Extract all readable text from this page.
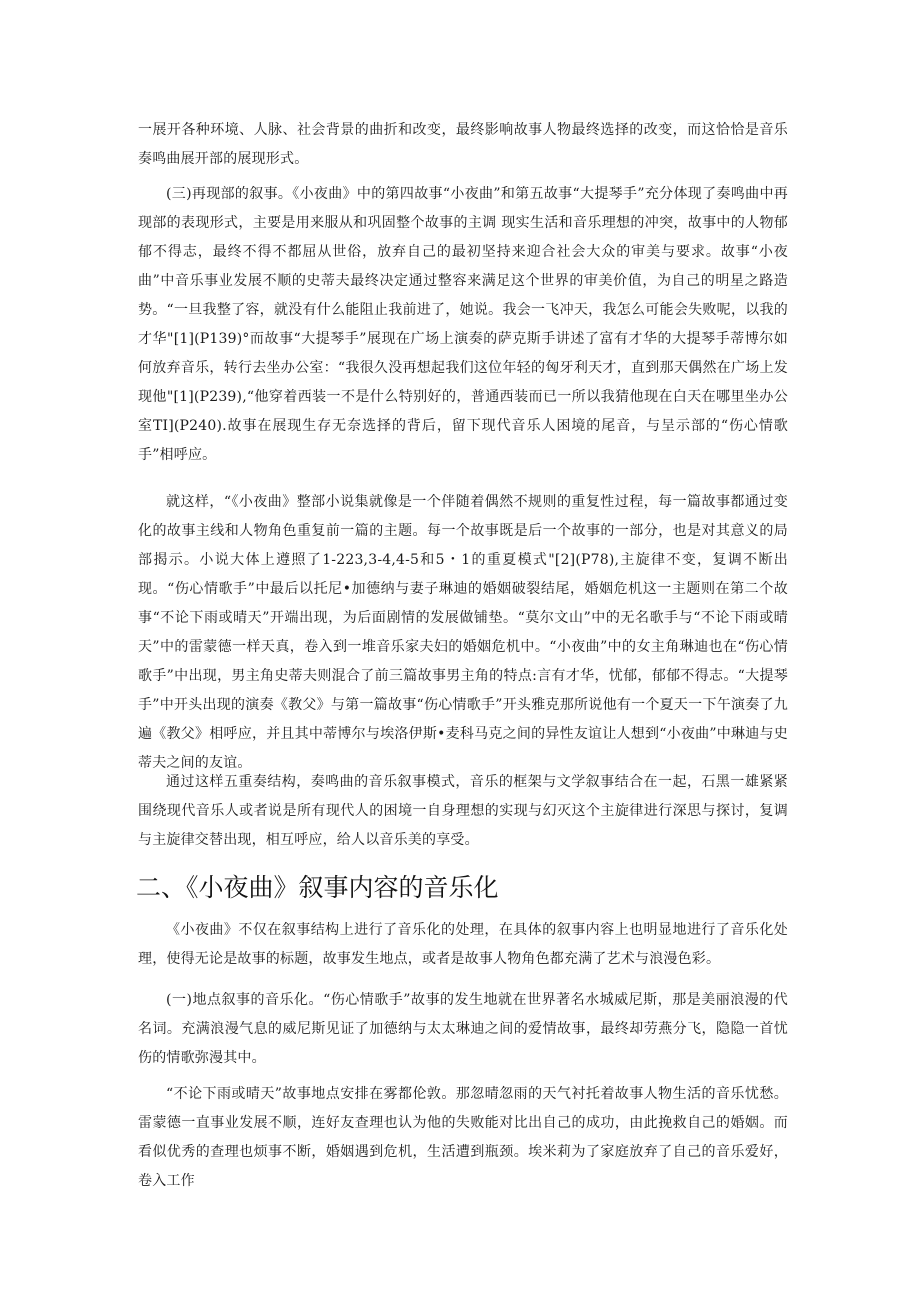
一展开各种环境、人脉、社会背景的曲折和改变，最终影响故事人物最终选择的改变，而这恰恰是音乐奏鸣曲展开部的展现形式。

(三)再现部的叙事。《小夜曲》中的第四故事“小夜曲”和第五故事“大提琴手”充分体现了奏鸣曲中再现部的表现形式，主要是用来服从和巩固整个故事的主调 现实生活和音乐理想的冲突，故事中的人物郁郁不得志，最终不得不都屈从世俗，放弃自己的最初坚持来迎合社会大众的审美与要求。故事“小夜曲”中音乐事业发展不顺的史蒂夫最终决定通过整容来满足这个世界的审美价值，为自己的明星之路造势。“一旦我整了容，就没有什么能阻止我前进了，她说。我会一飞冲天，我怎么可能会失败呢，以我的才华"[1](P139)°而故事“大提琴手”展现在广场上演奏的萨克斯手讲述了富有才华的大提琴手蒂博尔如何放弃音乐，转行去坐办公室：“我很久没再想起我们这位年轻的匈牙利天才，直到那天偶然在广场上发现他"[1](P239),“他穿着西装一不是什么特别好的，普通西装而已一所以我猜他现在白天在哪里坐办公室TI](P240).故事在展现生存无奈选择的背后，留下现代音乐人困境的尾音，与呈示部的“伤心情歌手”相呼应。

就这样，“《小夜曲》整部小说集就像是一个伴随着偶然不规则的重复性过程，每一篇故事都通过变化的故事主线和人物角色重复前一篇的主题。每一个故事既是后一个故事的一部分，也是对其意义的局部揭示。小说大体上遵照了1-223,3-4,4-5和5・1的重夏模式"[2](P78),主旋律不变，复调不断出现。“伤心情歌手”中最后以托尼•加德纳与妻子琳迪的婚姻破裂结尾，婚姻危机这一主题则在第二个故事“不论下雨或晴天”开端出现，为后面剧情的发展做铺垫。“莫尔文山”中的无名歌手与“不论下雨或晴天”中的雷蒙德一样天真，卷入到一堆音乐家夫妇的婚姻危机中。“小夜曲”中的女主角琳迪也在“伤心情歌手”中出现，男主角史蒂夫则混合了前三篇故事男主角的特点:言有才华，忧郁，郁郁不得志。“大提琴手”中开头出现的演奏《教父》与第一篇故事“伤心情歌手”开头雅克那所说他有一个夏天一下午演奏了九遍《教父》相呼应，并且其中蒂博尔与埃洛伊斯•麦科马克之间的异性友谊让人想到“小夜曲”中琳迪与史蒂夫之间的友谊。

通过这样五重奏结构，奏鸣曲的音乐叙事模式，音乐的框架与文学叙事结合在一起，石黑一雄紧紧围绕现代音乐人或者说是所有现代人的困境一自身理想的实现与幻灭这个主旋律进行深思与探讨，复调与主旋律交替出现，相互呼应，给人以音乐美的享受。

二、《小夜曲》叙事内容的音乐化

《小夜曲》不仅在叙事结构上进行了音乐化的处理，在具体的叙事内容上也明显地进行了音乐化处理，使得无论是故事的标题，故事发生地点，或者是故事人物角色都充满了艺术与浪漫色彩。

(一)地点叙事的音乐化。“伤心情歌手”故事的发生地就在世界著名水城威尼斯，那是美丽浪漫的代名词。充满浪漫气息的威尼斯见证了加德纳与太太琳迪之间的爱情故事，最终却劳燕分飞，隐隐一首忧伤的情歌弥漫其中。

“不论下雨或晴天”故事地点安排在雾都伦敦。那忽晴忽雨的天气衬托着故事人物生活的音乐忧愁。雷蒙德一直事业发展不顺，连好友查理也认为他的失败能对比出自己的成功，由此挽救自己的婚姻。而看似优秀的查理也烦事不断，婚姻遇到危机，生活遭到瓶颈。埃米莉为了家庭放弃了自己的音乐爱好，卷入工作
